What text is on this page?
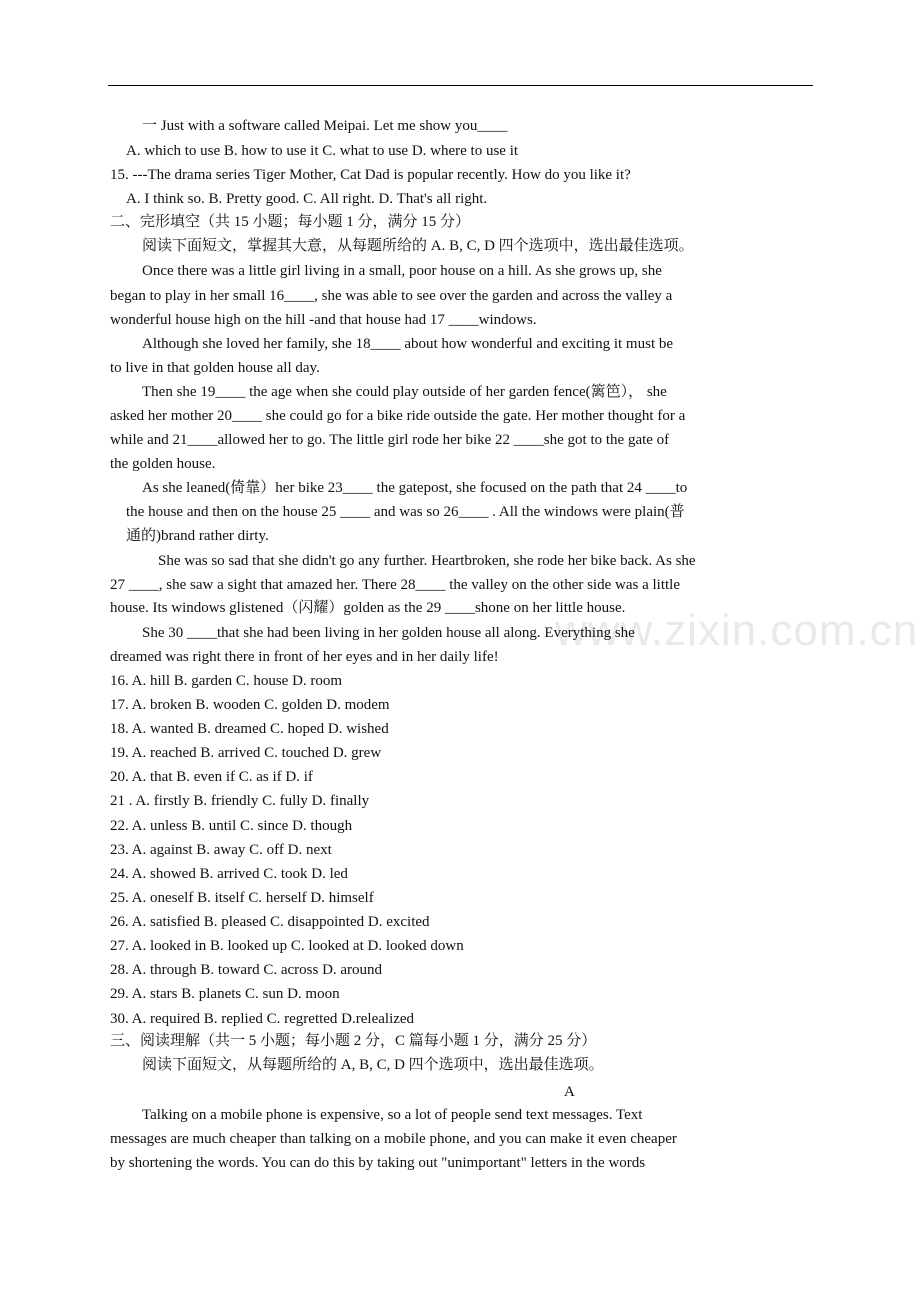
www.zixin.com.cn
一 Just with a software called Meipai. Let me show you____
A. which to use B. how to use it C. what to use D. where to use it
15. ---The drama series Tiger Mother, Cat Dad is popular recently. How do you like it?
A. I think so. B. Pretty good. C. All right. D. That's all right.
二、完形填空（共 15 小题；每小题 1 分，满分 15 分）
阅读下面短文，掌握其大意，从每题所给的 A. B, C, D 四个选项中，选出最佳选项。
Once there was a little girl living in a small, poor house on a hill. As she grows up, she
began to play in her small 16____, she was able to see over the garden and across the valley a
wonderful house high on the hill -and that house had 17 ____windows.
Although she loved her family, she 18____ about how wonderful and exciting it must be
to live in that golden house all day.
Then she 19____ the age when she could play outside of her garden fence(篱笆）， she
asked her mother 20____ she could go for a bike ride outside the gate. Her mother thought for a
while and 21____allowed her to go. The little girl rode her bike 22 ____she got to the gate of
the golden house.
As she leaned(倚靠）her bike 23____ the gatepost, she focused on the path that 24 ____to
the house and then on the house 25 ____ and was so 26____ . All the windows were plain(普
通的)brand rather dirty.
She was so sad that she didn't go any further. Heartbroken, she rode her bike back. As she
27 ____, she saw a sight that amazed her. There 28____ the valley on the other side was a little
house. Its windows glistened（闪耀）golden as the 29 ____shone on her little house.
She 30 ____that she had been living in her golden house all along. Everything she
dreamed was right there in front of her eyes and in her daily life!
16. A. hill B. garden C. house D. room
17. A. broken B. wooden C. golden D. modem
18. A. wanted B. dreamed C. hoped D. wished
19. A. reached B. arrived C. touched D. grew
20. A. that B. even if C. as if D. if
21 . A. firstly B. friendly C. fully D. finally
22. A. unless B. until C. since D. though
23. A. against B. away C. off D. next
24. A. showed B. arrived C. took D. led
25. A. oneself B. itself C. herself D. himself
26. A. satisfied B. pleased C. disappointed D. excited
27. A. looked in B. looked up C. looked at D. looked down
28. A. through B. toward C. across D. around
29. A. stars B. planets C. sun D. moon
30. A. required B. replied C. regretted D.relealized
三、阅读理解（共一 5 小题；每小题 2 分，C 篇每小题 1 分，满分 25 分）
阅读下面短文，从每题所给的 A, B, C, D 四个选项中，选出最佳选项。
A
Talking on a mobile phone is expensive, so a lot of people send text messages. Text
messages are much cheaper than talking on a mobile phone, and you can make it even cheaper
by shortening the words. You can do this by taking out "unimportant" letters in the words
